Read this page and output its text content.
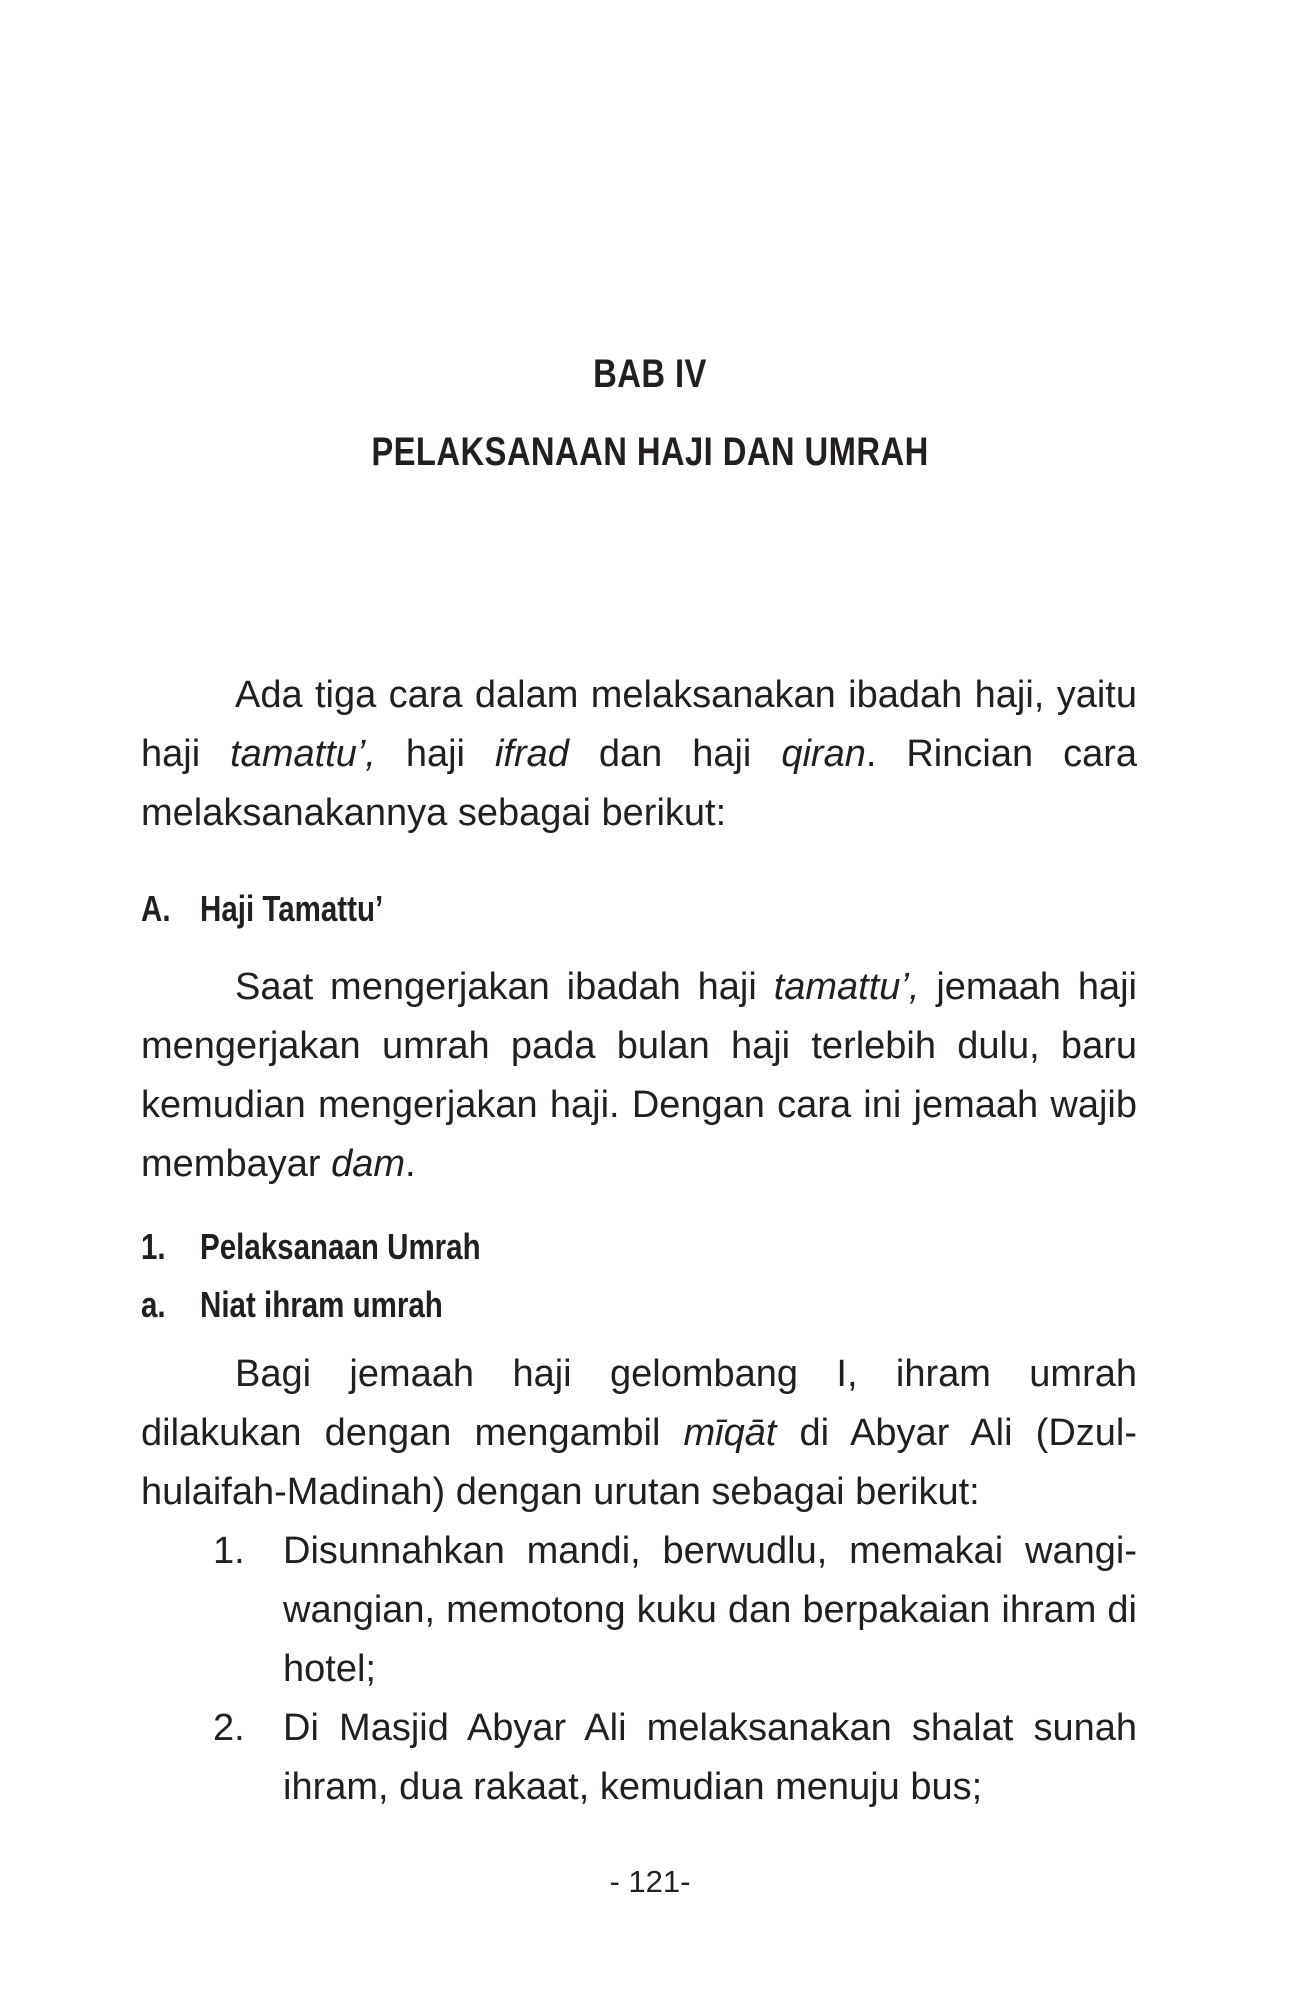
BAB IV
PELAKSANAAN HAJI DAN UMRAH

Ada tiga cara dalam melaksanakan ibadah haji, yaitu haji tamattu’, haji ifrad dan haji qiran. Rincian cara melaksanakannya sebagai berikut:

A. Haji Tamattu’

Saat mengerjakan ibadah haji tamattu’, jemaah haji mengerjakan umrah pada bulan haji terlebih dulu, baru kemudian mengerjakan haji. Dengan cara ini jemaah wajib membayar dam.

1. Pelaksanaan Umrah
a. Niat ihram umrah

Bagi jemaah haji gelombang I, ihram umrah dilakukan dengan mengambil mīqāt di Abyar Ali (Dzul-hulaifah-Madinah) dengan urutan sebagai berikut:

1. Disunnahkan mandi, berwudlu, memakai wangi-wangian, memotong kuku dan berpakaian ihram di hotel;
2. Di Masjid Abyar Ali melaksanakan shalat sunah ihram, dua rakaat, kemudian menuju bus;
- 121-
